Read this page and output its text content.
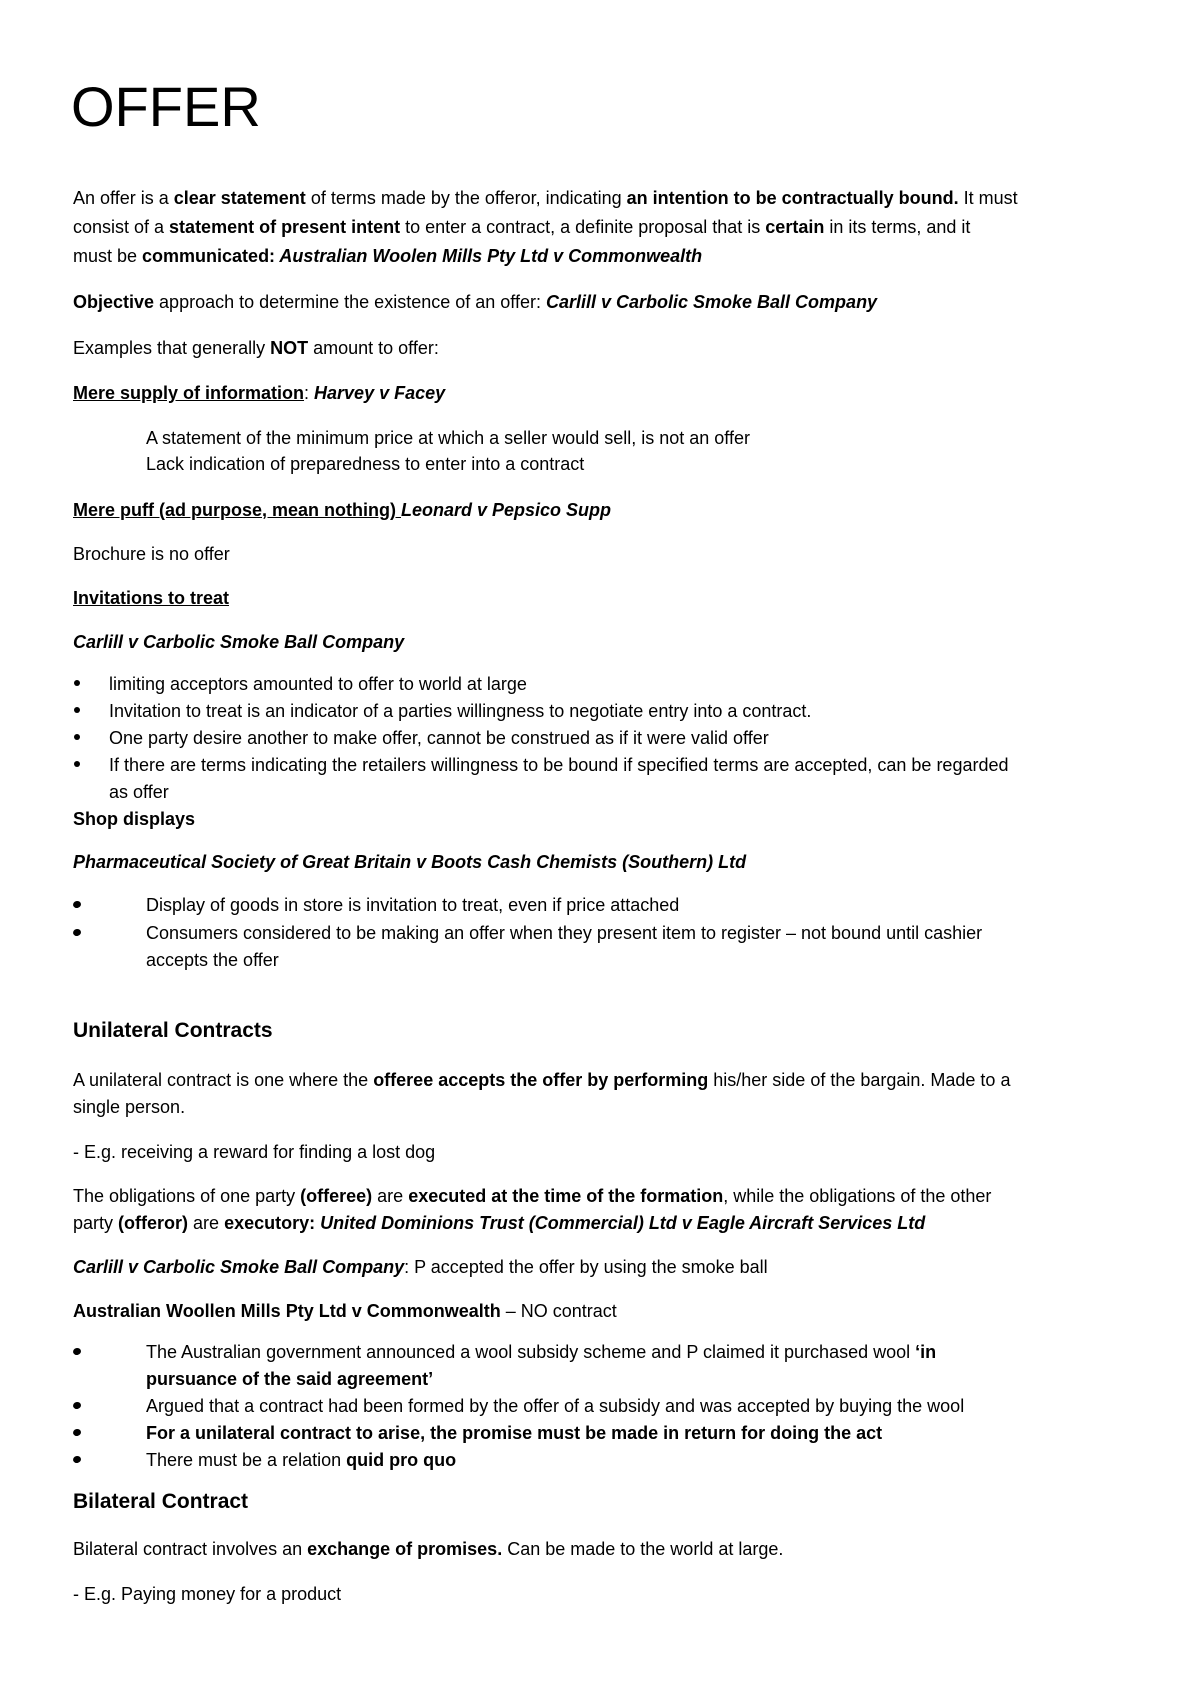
OFFER

An offer is a clear statement of terms made by the offeror, indicating an intention to be contractually bound. It must

consist of a statement of present intent to enter a contract, a definite proposal that is certain in its terms, and it

must be communicated: Australian Woolen Mills Pty Ltd v Commonwealth

Objective approach to determine the existence of an offer: Carlill v Carbolic Smoke Ball Company

Examples that generally NOT amount to offer:

Mere supply of information: Harvey v Facey

A statement of the minimum price at which a seller would sell, is not an offer

Lack indication of preparedness to enter into a contract

Mere puff (ad purpose, mean nothing) Leonard v Pepsico Supp

Brochure is no offer

Invitations to treat

Carlill v Carbolic Smoke Ball Company

limiting acceptors amounted to offer to world at large

Invitation to treat is an indicator of a parties willingness to negotiate entry into a contract.

One party desire another to make offer, cannot be construed as if it were valid offer

If there are terms indicating the retailers willingness to be bound if specified terms are accepted, can be regarded

as offer

Shop displays

Pharmaceutical Society of Great Britain v Boots Cash Chemists (Southern) Ltd

Display of goods in store is invitation to treat, even if price attached

Consumers considered to be making an offer when they present item to register – not bound until cashier

accepts the offer

Unilateral Contracts

A unilateral contract is one where the offeree accepts the offer by performing his/her side of the bargain. Made to a

single person.

- E.g. receiving a reward for finding a lost dog

The obligations of one party (offeree) are executed at the time of the formation, while the obligations of the other

party (offeror) are executory: United Dominions Trust (Commercial) Ltd v Eagle Aircraft Services Ltd

Carlill v Carbolic Smoke Ball Company: P accepted the offer by using the smoke ball

Australian Woollen Mills Pty Ltd v Commonwealth – NO contract

The Australian government announced a wool subsidy scheme and P claimed it purchased wool ‘in

pursuance of the said agreement’

Argued that a contract had been formed by the offer of a subsidy and was accepted by buying the wool

For a unilateral contract to arise, the promise must be made in return for doing the act

There must be a relation quid pro quo

Bilateral Contract

Bilateral contract involves an exchange of promises. Can be made to the world at large.

- E.g. Paying money for a product
